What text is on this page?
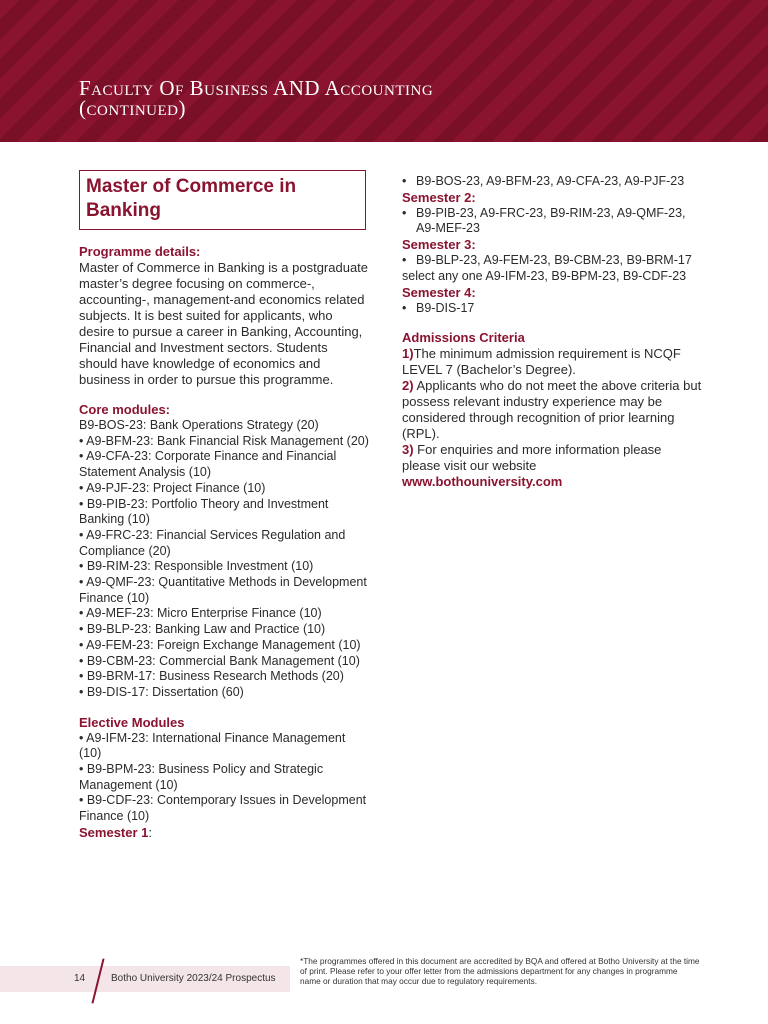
Faculty Of Business AND Accounting
(continued)
Master of Commerce in Banking
Programme details:
Master of Commerce in Banking is a postgraduate master’s degree focusing on commerce-, accounting-, management-and economics related subjects. It is best suited for applicants, who desire to pursue a career in Banking, Accounting, Financial and Investment sectors. Students should have knowledge of economics and business in order to pursue this programme.
Core modules:
B9-BOS-23: Bank Operations Strategy (20)
• A9-BFM-23: Bank Financial Risk Management (20)
• A9-CFA-23: Corporate Finance and Financial Statement Analysis (10)
• A9-PJF-23: Project Finance (10)
• B9-PIB-23: Portfolio Theory and Investment Banking (10)
• A9-FRC-23: Financial Services Regulation and Compliance (20)
• B9-RIM-23: Responsible Investment (10)
• A9-QMF-23: Quantitative Methods in Development Finance (10)
• A9-MEF-23: Micro Enterprise Finance (10)
• B9-BLP-23: Banking Law and Practice (10)
• A9-FEM-23: Foreign Exchange Management (10)
• B9-CBM-23: Commercial Bank Management (10)
• B9-BRM-17: Business Research Methods (20)
• B9-DIS-17: Dissertation (60)
Elective Modules
• A9-IFM-23: International Finance Management (10)
• B9-BPM-23: Business Policy and Strategic Management (10)
• B9-CDF-23: Contemporary Issues in Development Finance (10)
Semester 1:
• B9-BOS-23, A9-BFM-23, A9-CFA-23, A9-PJF-23
Semester 2:
• B9-PIB-23, A9-FRC-23, B9-RIM-23, A9-QMF-23, A9-MEF-23
Semester 3:
• B9-BLP-23, A9-FEM-23, B9-CBM-23, B9-BRM-17
select any one A9-IFM-23, B9-BPM-23, B9-CDF-23
Semester 4:
• B9-DIS-17
Admissions Criteria
1)The minimum admission requirement is NCQF LEVEL 7 (Bachelor’s Degree).
2) Applicants who do not meet the above criteria but possess relevant industry experience may be considered through recognition of prior learning (RPL).
3) For enquiries and more information please please visit our website
www.bothouniversity.com
14	Botho University 2023/24 Prospectus
*The programmes offered in this document are accredited by BQA and offered at Botho University at the time of print. Please refer to your offer letter from the admissions department for any changes in programme name or duration that may occur due to regulatory requirements.
